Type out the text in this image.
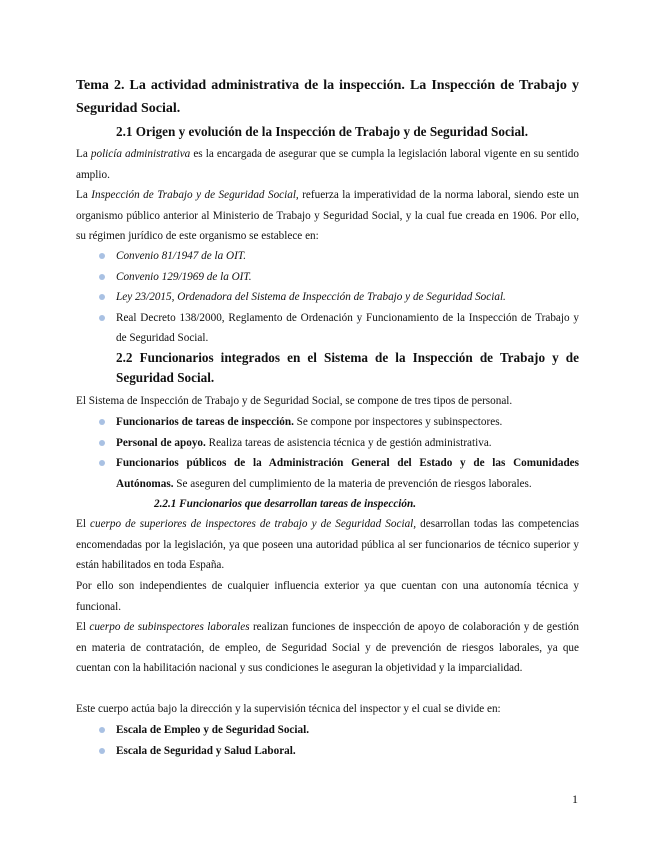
Tema 2. La actividad administrativa de la inspección. La Inspección de Trabajo y Seguridad Social.
2.1 Origen y evolución de la Inspección de Trabajo y de Seguridad Social.

La policía administrativa es la encargada de asegurar que se cumpla la legislación laboral vigente en su sentido amplio.

La Inspección de Trabajo y de Seguridad Social, refuerza la imperatividad de la norma laboral, siendo este un organismo público anterior al Ministerio de Trabajo y Seguridad Social, y la cual fue creada en 1906. Por ello, su régimen jurídico de este organismo se establece en:

Convenio 81/1947 de la OIT.
Convenio 129/1969 de la OIT.
Ley 23/2015, Ordenadora del Sistema de Inspección de Trabajo y de Seguridad Social.
Real Decreto 138/2000, Reglamento de Ordenación y Funcionamiento de la Inspección de Trabajo y de Seguridad Social.
2.2 Funcionarios integrados en el Sistema de la Inspección de Trabajo y de Seguridad Social.

El Sistema de Inspección de Trabajo y de Seguridad Social, se compone de tres tipos de personal.

Funcionarios de tareas de inspección. Se compone por inspectores y subinspectores.
Personal de apoyo. Realiza tareas de asistencia técnica y de gestión administrativa.
Funcionarios públicos de la Administración General del Estado y de las Comunidades Autónomas. Se aseguren del cumplimiento de la materia de prevención de riesgos laborales.
2.2.1 Funcionarios que desarrollan tareas de inspección.

El cuerpo de superiores de inspectores de trabajo y de Seguridad Social, desarrollan todas las competencias encomendadas por la legislación, ya que poseen una autoridad pública al ser funcionarios de técnico superior y están habilitados en toda España.

Por ello son independientes de cualquier influencia exterior ya que cuentan con una autonomía técnica y funcional.

El cuerpo de subinspectores laborales realizan funciones de inspección de apoyo de colaboración y de gestión en materia de contratación, de empleo, de Seguridad Social y de prevención de riesgos laborales, ya que cuentan con la habilitación nacional y sus condiciones le aseguran la objetividad y la imparcialidad.

Este cuerpo actúa bajo la dirección y la supervisión técnica del inspector y el cual se divide en:

Escala de Empleo y de Seguridad Social.
Escala de Seguridad y Salud Laboral.
1
